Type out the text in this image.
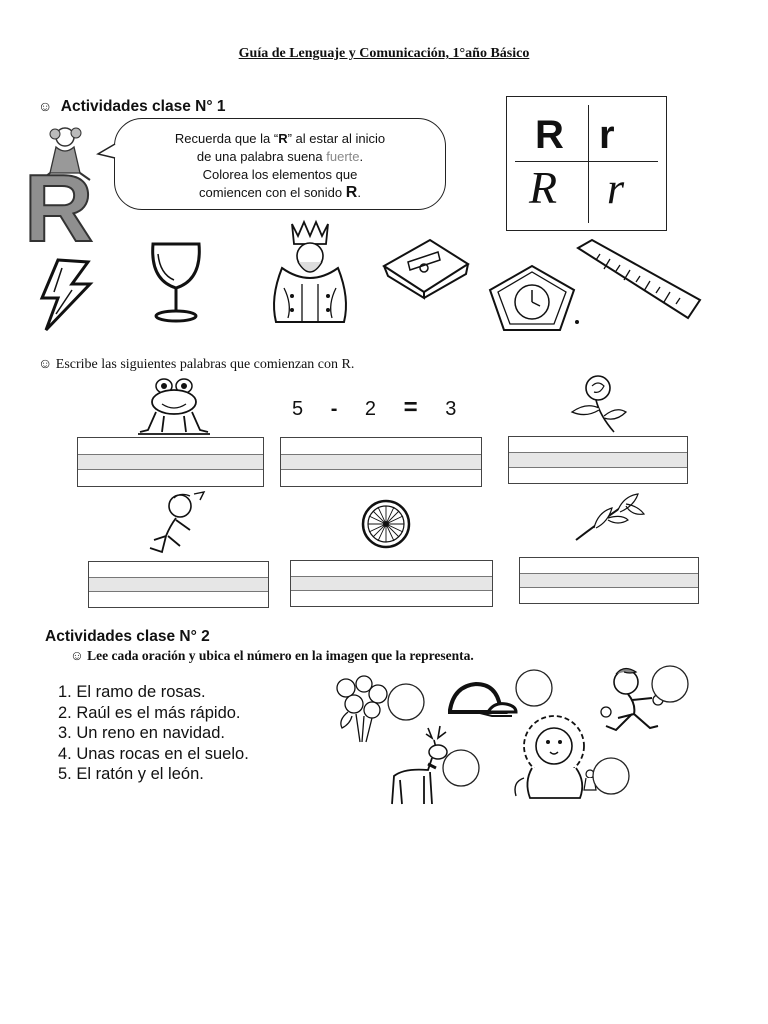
Guía de Lenguaje y Comunicación, 1°año Básico
☺ Actividades clase N° 1
R
Recuerda que la “R” al estar al inicio
de una palabra suena fuerte.
Colorea los elementos que
comiencen con el sonido R.
R r
R r
☺ Escribe las siguientes palabras que comienzan con R.
5 - 2 = 3
Actividades clase N° 2
☺ Lee cada oración y ubica el número en la imagen que la representa.
1. El ramo de rosas.
2. Raúl es el más rápido.
3. Un reno en navidad.
4. Unas rocas en el suelo.
5. El ratón y el león.
